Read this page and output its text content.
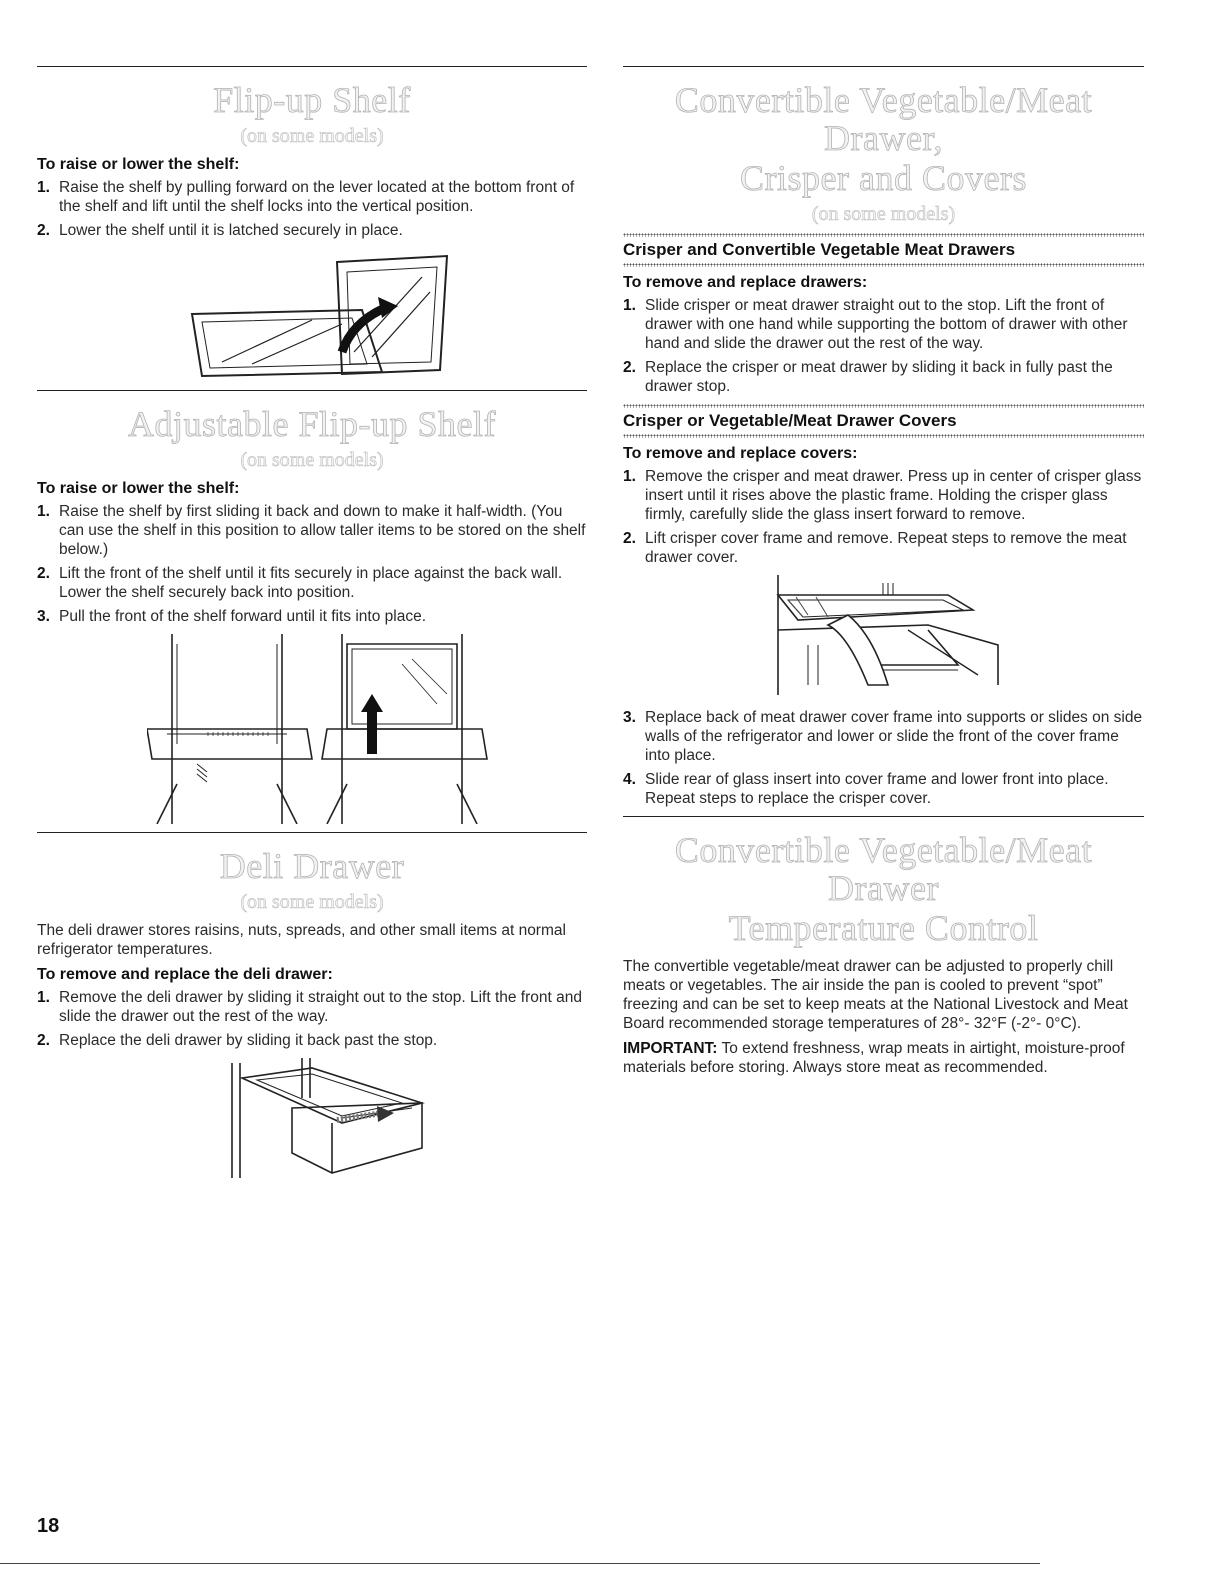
Flip-up Shelf
(on some models)
To raise or lower the shelf:
1. Raise the shelf by pulling forward on the lever located at the bottom front of the shelf and lift until the shelf locks into the vertical position.
2. Lower the shelf until it is latched securely in place.
Adjustable Flip-up Shelf
(on some models)
To raise or lower the shelf:
1. Raise the shelf by first sliding it back and down to make it half-width. (You can use the shelf in this position to allow taller items to be stored on the shelf below.)
2. Lift the front of the shelf until it fits securely in place against the back wall. Lower the shelf securely back into position.
3. Pull the front of the shelf forward until it fits into place.
Deli Drawer
(on some models)

The deli drawer stores raisins, nuts, spreads, and other small items at normal refrigerator temperatures.

To remove and replace the deli drawer:
1. Remove the deli drawer by sliding it straight out to the stop. Lift the front and slide the drawer out the rest of the way.
2. Replace the deli drawer by sliding it back past the stop.
Convertible Vegetable/Meat Drawer,
Crisper and Covers
(on some models)
Crisper and Convertible Vegetable Meat Drawers
To remove and replace drawers:
1. Slide crisper or meat drawer straight out to the stop. Lift the front of drawer with one hand while supporting the bottom of drawer with other hand and slide the drawer out the rest of the way.
2. Replace the crisper or meat drawer by sliding it back in fully past the drawer stop.
Crisper or Vegetable/Meat Drawer Covers
To remove and replace covers:
1. Remove the crisper and meat drawer. Press up in center of crisper glass insert until it rises above the plastic frame. Holding the crisper glass firmly, carefully slide the glass insert forward to remove.
2. Lift crisper cover frame and remove. Repeat steps to remove the meat drawer cover.
3. Replace back of meat drawer cover frame into supports or slides on side walls of the refrigerator and lower or slide the front of the cover frame into place.
4. Slide rear of glass insert into cover frame and lower front into place. Repeat steps to replace the crisper cover.
Convertible Vegetable/Meat Drawer
Temperature Control

The convertible vegetable/meat drawer can be adjusted to properly chill meats or vegetables. The air inside the pan is cooled to prevent “spot” freezing and can be set to keep meats at the National Livestock and Meat Board recommended storage temperatures of 28°- 32°F (-2°- 0°C).

IMPORTANT: To extend freshness, wrap meats in airtight, moisture-proof materials before storing. Always store meat as recommended.

18
